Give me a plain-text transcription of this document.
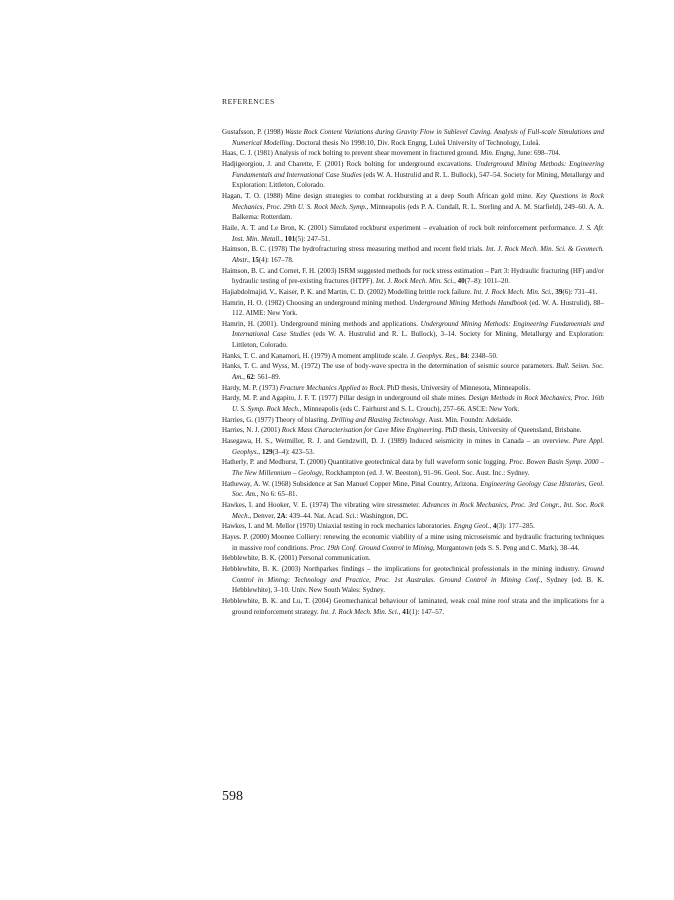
REFERENCES
Gustafsson, P. (1998) Waste Rock Content Variations during Gravity Flow in Sublevel Caving. Analysis of Full-scale Simulations and Numerical Modelling. Doctoral thesis No 1998:10, Div. Rock Engng, Luleå University of Technology, Luleå.
Haas, C. J. (1981) Analysis of rock bolting to prevent shear movement in fractured ground. Min. Engng, June: 698–704.
Hadjigeorgiou, J. and Charette, F. (2001) Rock bolting for underground excavations. Underground Mining Methods: Engineering Fundamentals and International Case Studies (eds W. A. Hustrulid and R. L. Bullock), 547–54. Society for Mining, Metallurgy and Exploration: Littleton, Colorado.
Hagan, T. O. (1988) Mine design strategies to combat rockbursting at a deep South African gold mine. Key Questions in Rock Mechanics, Proc. 29th U. S. Rock Mech. Symp., Minneapolis (eds P. A. Cundall, R. L. Sterling and A. M. Starfield), 249–60. A. A. Balkema: Rotterdam.
Haile, A. T. and Le Bron, K. (2001) Simulated rockburst experiment – evaluation of rock bolt reinforcement performance. J. S. Afr. Inst. Min. Metall., 101(5): 247–51.
Haimson, B. C. (1978) The hydrofracturing stress measuring method and recent field trials. Int. J. Rock Mech. Min. Sci. & Geomech. Abstr., 15(4): 167–78.
Haimson, B. C. and Cornet, F. H. (2003) ISRM suggested methods for rock stress estimation – Part 3: Hydraulic fracturing (HF) and/or hydraulic testing of pre-existing fractures (HTPF). Int. J. Rock Mech. Min. Sci., 40(7–8): 1011–20.
Hajiabdolmajid, V., Kaiser, P. K. and Martin, C. D. (2002) Modelling brittle rock failure. Int. J. Rock Mech. Min. Sci., 39(6): 731–41.
Hamrin, H. O. (1982) Choosing an underground mining method. Underground Mining Methods Handbook (ed. W. A. Hustrulid), 88–112. AIME: New York.
Hamrin, H. (2001). Underground mining methods and applications. Underground Mining Methods: Engineering Fundamentals and International Case Studies (eds W. A. Hustrulid and R. L. Bullock), 3–14. Society for Mining, Metallurgy and Exploration: Littleton, Colorado.
Hanks, T. C. and Kanamori, H. (1979) A moment amplitude scale. J. Geophys. Res., 84: 2348–50.
Hanks, T. C. and Wyss, M. (1972) The use of body-wave spectra in the determination of seismic source parameters. Bull. Seism. Soc. Am., 62: 561–89.
Hardy, M. P. (1973) Fracture Mechanics Applied to Rock. PhD thesis, University of Minnesota, Minneapolis.
Hardy, M. P. and Agapito, J. F. T. (1977) Pillar design in underground oil shale mines. Design Methods in Rock Mechanics, Proc. 16th U. S. Symp. Rock Mech., Minneapolis (eds C. Fairhurst and S. L. Crouch), 257–66. ASCE: New York.
Harries, G. (1977) Theory of blasting. Drilling and Blasting Technology. Aust. Min. Foundn: Adelaide.
Harries, N. J. (2001) Rock Mass Characterisation for Cave Mine Engineering. PhD thesis, University of Queensland, Brisbane.
Hasegawa, H. S., Wetmiller, R. J. and Gendzwill, D. J. (1989) Induced seismicity in mines in Canada – an overview. Pure Appl. Geophys., 129(3–4): 423–53.
Hatherly, P. and Medhurst, T. (2000) Quantitative geotechnical data by full waveform sonic logging. Proc. Bowen Basin Symp. 2000 – The New Millennium – Geology, Rockhampton (ed. J. W. Beeston), 91–96. Geol. Soc. Aust. Inc.: Sydney.
Hatheway, A. W. (1968) Subsidence at San Manuel Copper Mine, Pinal Country, Arizona. Engineering Geology Case Histories, Geol. Soc. Am., No 6: 65–81.
Hawkes, I. and Hooker, V. E. (1974) The vibrating wire stressmeter. Advances in Rock Mechanics, Proc. 3rd Congr., Int. Soc. Rock Mech., Denver, 2A: 439–44. Nat. Acad. Sci.: Washington, DC.
Hawkes, I. and M. Mellor (1970) Uniaxial testing in rock mechanics laboratories. Engng Geol., 4(3): 177–285.
Hayes. P. (2000) Moonee Colliery: renewing the economic viability of a mine using microseismic and hydraulic fracturing techniques in massive roof conditions. Proc. 19th Conf. Ground Control in Mining, Morgantown (eds S. S. Peng and C. Mark), 38–44.
Hebblewhite, B. K. (2001) Personal communication.
Hebblewhite, B. K. (2003) Northparkes findings – the implications for geotechnical professionals in the mining industry. Ground Control in Mining: Technology and Practice, Proc. 1st Australas. Ground Control in Mining Conf., Sydney (ed. B. K. Hebblewhite), 3–10. Univ. New South Wales: Sydney.
Hebblewhite, B. K. and Lu, T. (2004) Geomechanical behaviour of laminated, weak coal mine roof strata and the implications for a ground reinforcement strategy. Int. J. Rock Mech. Min. Sci., 41(1): 147–57.
598
